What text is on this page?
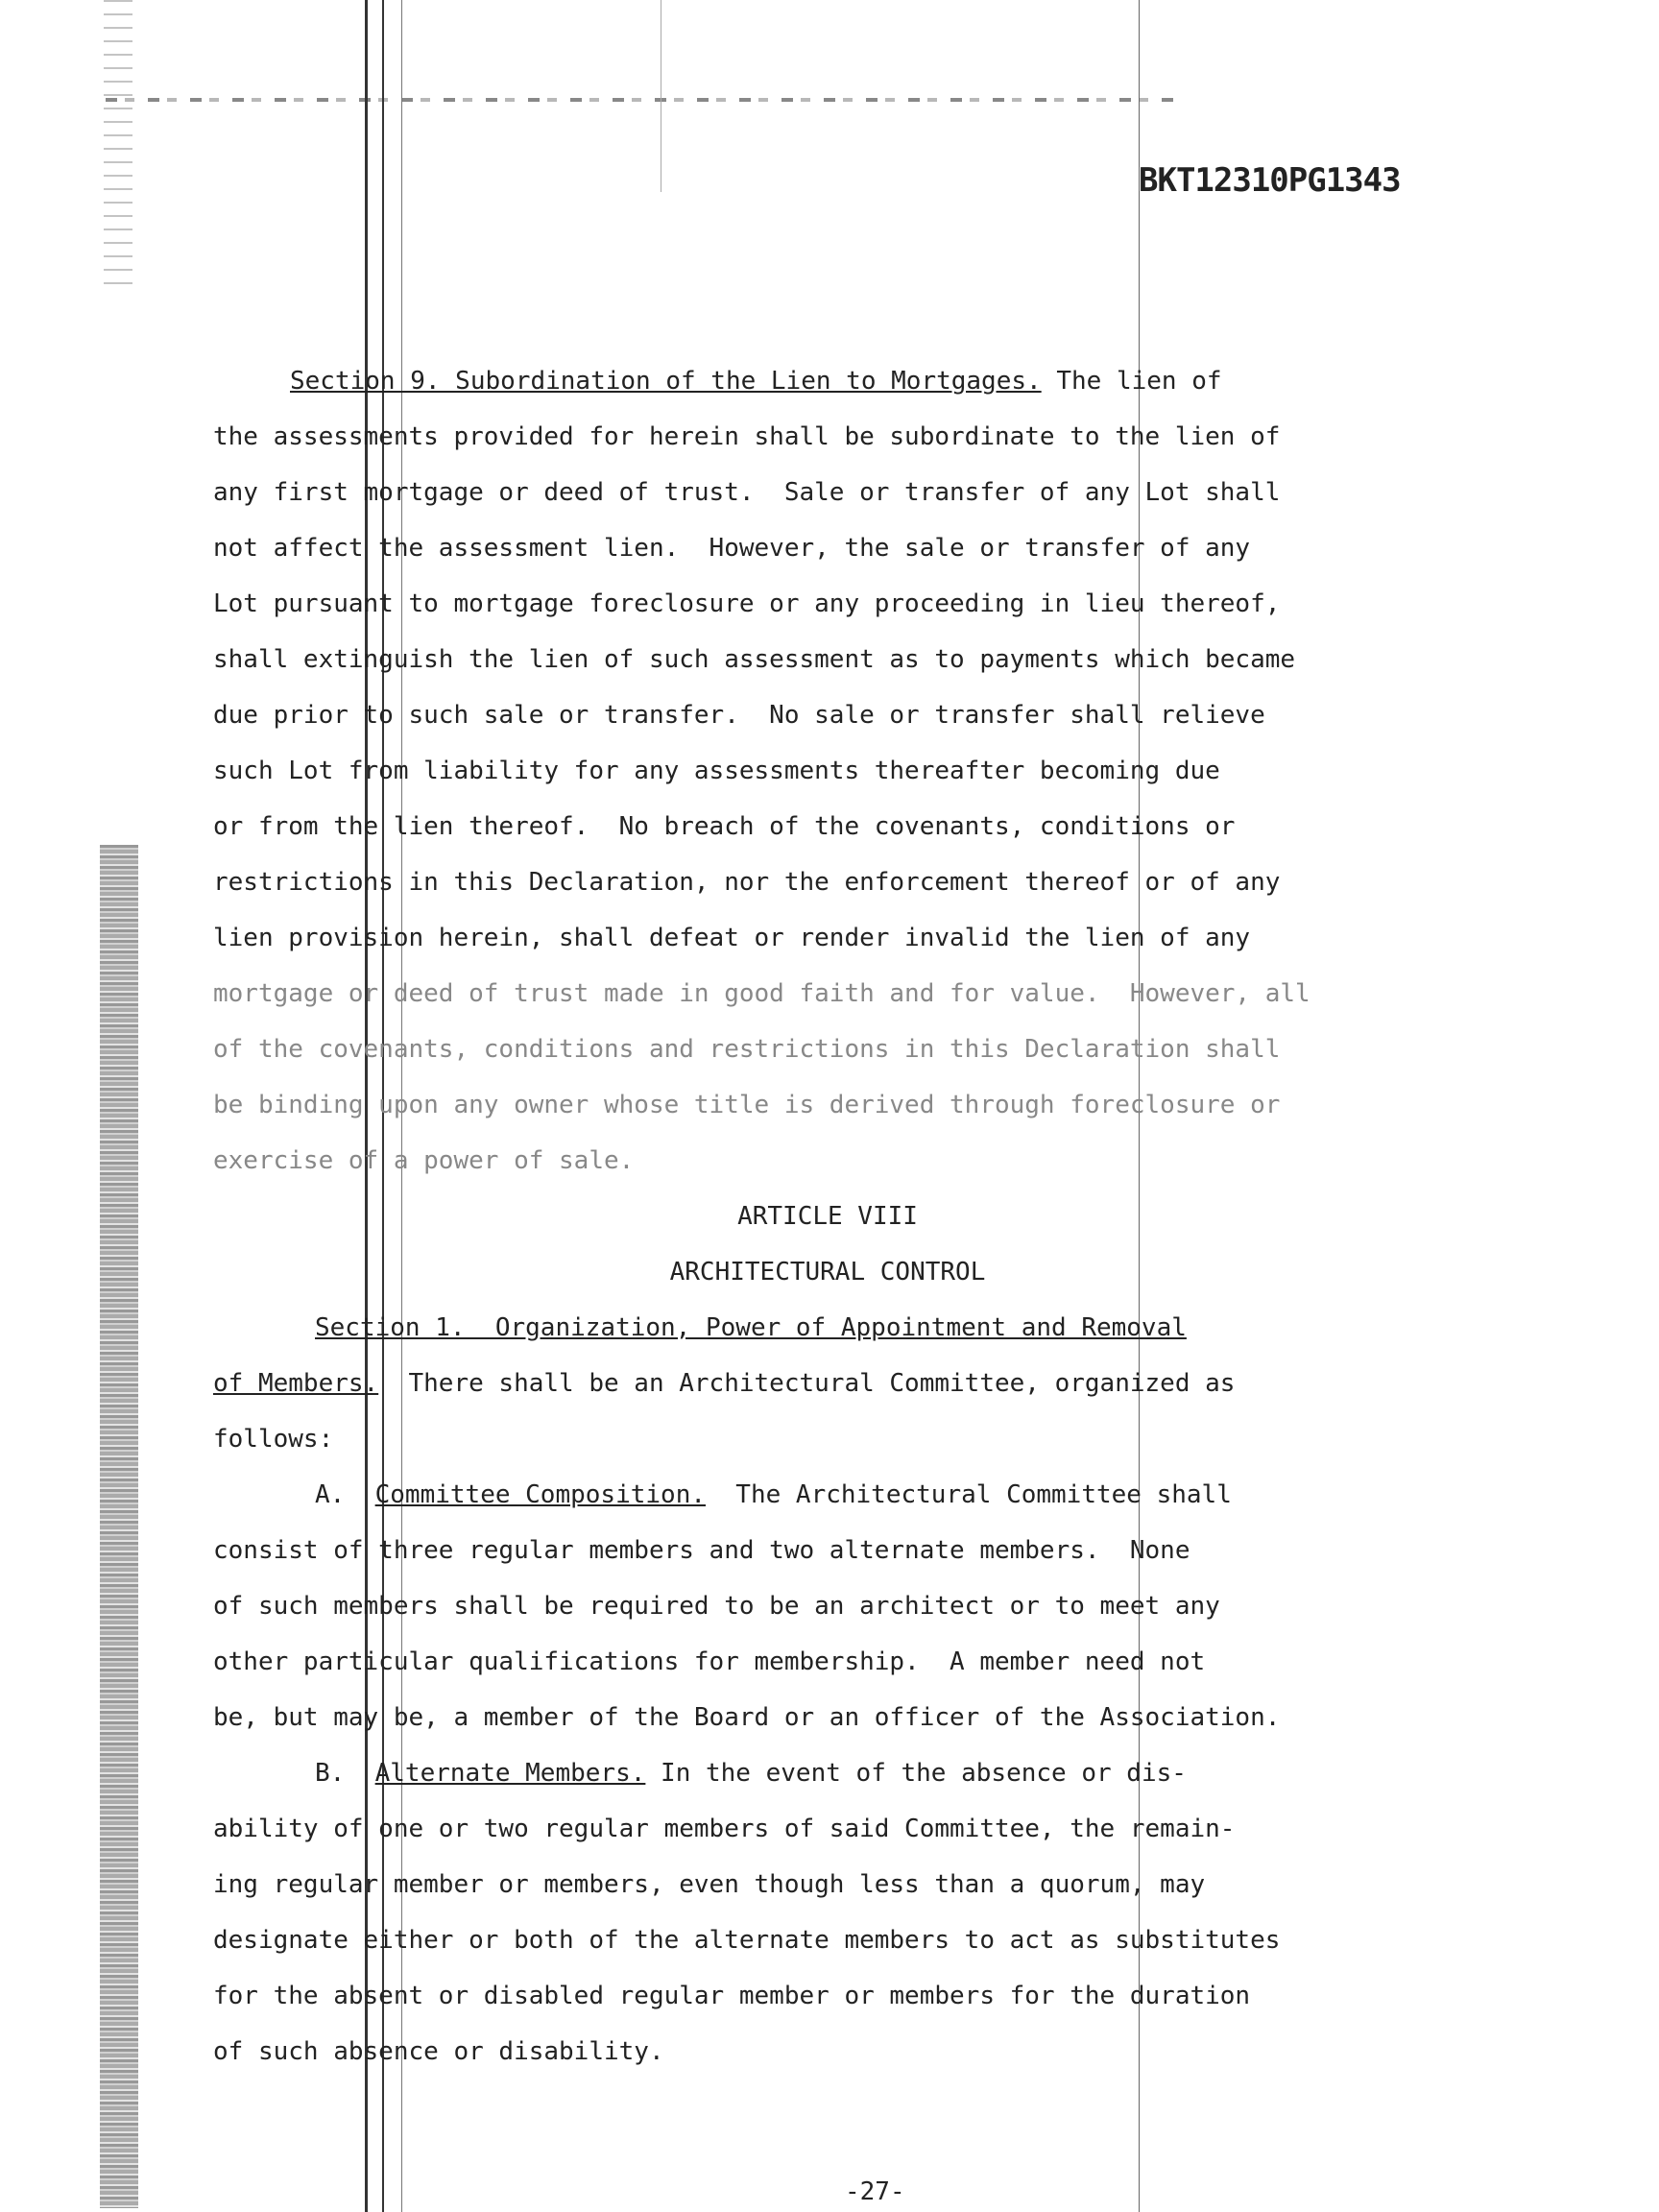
BKT12310PG1343
Section 9. Subordination of the Lien to Mortgages. The lien of
the assessments provided for herein shall be subordinate to the lien of
any first mortgage or deed of trust.  Sale or transfer of any Lot shall
not affect the assessment lien.  However, the sale or transfer of any
Lot pursuant to mortgage foreclosure or any proceeding in lieu thereof,
shall extinguish the lien of such assessment as to payments which became
due prior to such sale or transfer.  No sale or transfer shall relieve
such Lot from liability for any assessments thereafter becoming due
or from the lien thereof.  No breach of the covenants, conditions or
restrictions in this Declaration, nor the enforcement thereof or of any
lien provision herein, shall defeat or render invalid the lien of any
mortgage or deed of trust made in good faith and for value.  However, all
of the covenants, conditions and restrictions in this Declaration shall
be binding upon any owner whose title is derived through foreclosure or
exercise of a power of sale.
ARTICLE VIII
ARCHITECTURAL CONTROL
Section 1.  Organization, Power of Appointment and Removal
of Members.  There shall be an Architectural Committee, organized as
follows:
A.  Committee Composition.  The Architectural Committee shall
consist of three regular members and two alternate members.  None
of such members shall be required to be an architect or to meet any
other particular qualifications for membership.  A member need not
be, but may be, a member of the Board or an officer of the Association.
B.  Alternate Members. In the event of the absence or dis-
ability of one or two regular members of said Committee, the remain-
ing regular member or members, even though less than a quorum, may
designate either or both of the alternate members to act as substitutes
for the absent or disabled regular member or members for the duration
of such absence or disability.
-27-
